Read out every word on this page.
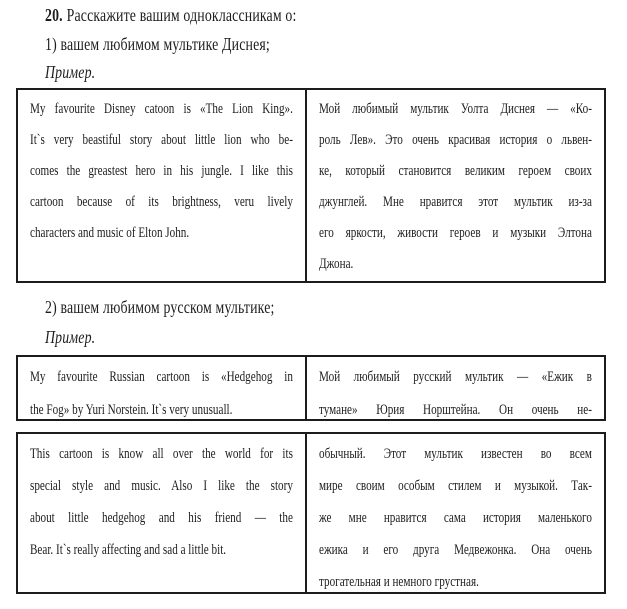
20. Расскажите вашим одноклассникам о:
1) вашем любимом мультике Диснея;
Пример.
My favourite Disney catoon is «The Lion King».
It`s very beastiful story about little lion who be-
comes the greastest hero in his jungle. I like this
cartoon because of its brightness, veru lively
characters and music of Elton John.
Мой любимый мультик Уолта Диснея — «Ко-
роль Лев». Это очень красивая история о львен-
ке, который становится великим героем своих
джунглей. Мне нравится этот мультик из-за
его яркости, живости героев и музыки Элтона
Джона.
2) вашем любимом русском мультике;
Пример.
My favourite Russian cartoon is «Hedgehog in
the Fog» by Yuri Norstein. It`s very unusuall.
Мой любимый русский мультик — «Ежик в
тумане» Юрия Норштейна. Он очень не-
This cartoon is know all over the world for its
special style and music. Also I like the story
about little hedgehog and his friend — the
Bear. It`s really affecting and sad a little bit.
обычный. Этот мультик известен во всем
мире своим особым стилем и музыкой. Так-
же мне нравится сама история маленького
ежика и его друга Медвежонка. Она очень
трогательная и немного грустная.
